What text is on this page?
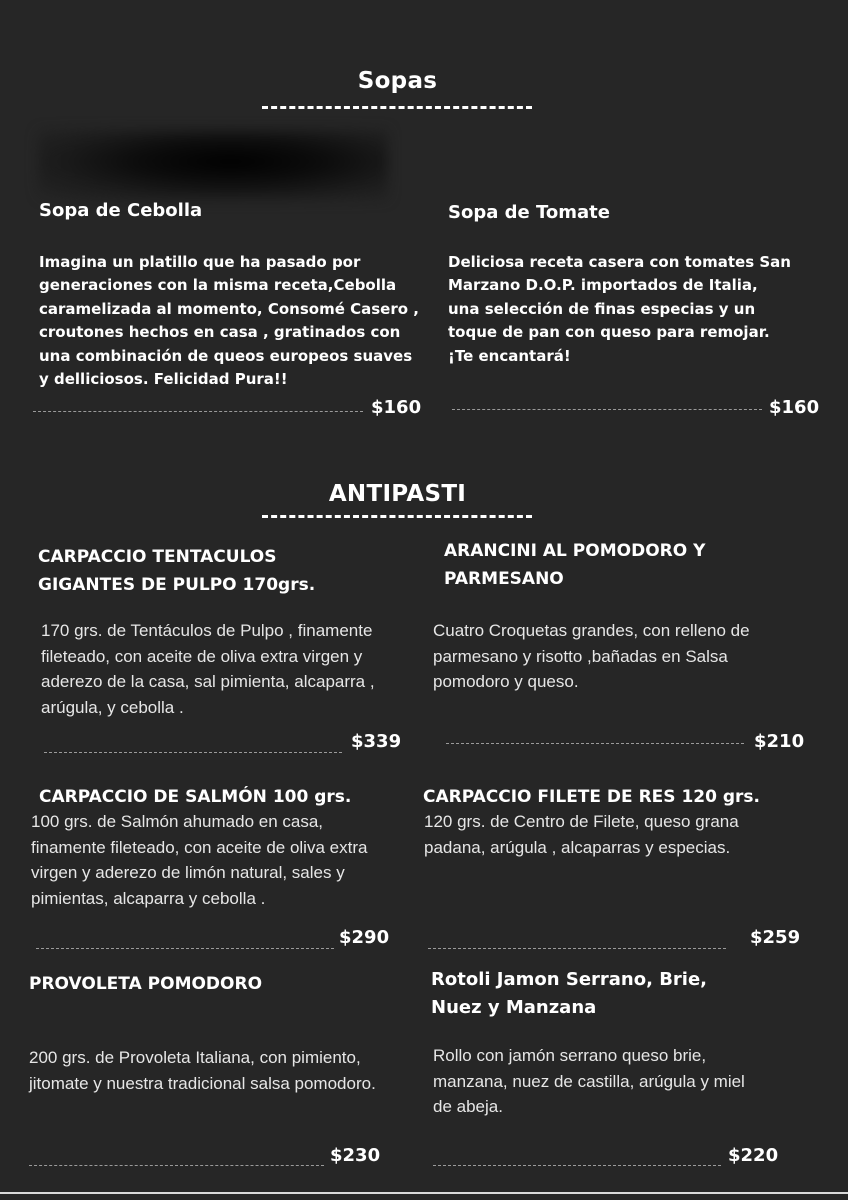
Sopas
Sopa de Cebolla
Imagina un platillo que ha pasado por generaciones con la misma receta,Cebolla caramelizada al momento, Consomé Casero , croutones hechos en casa , gratinados con una combinación de queos europeos suaves y delliciosos. Felicidad Pura!!
$160
Sopa de Tomate
Deliciosa receta casera con tomates San Marzano D.O.P. importados de Italia, una selección de finas especias y un toque de pan con queso para remojar. ¡Te encantará!
$160
ANTIPASTI
CARPACCIO TENTACULOS GIGANTES DE PULPO 170grs.
170 grs. de Tentáculos de Pulpo , finamente fileteado, con aceite de oliva extra virgen y aderezo de la casa, sal pimienta, alcaparra , arúgula, y cebolla .
$339
ARANCINI AL POMODORO Y PARMESANO
Cuatro Croquetas grandes, con relleno de parmesano y risotto ,bañadas en Salsa pomodoro y queso.
$210
CARPACCIO DE SALMÓN 100 grs.
100 grs. de Salmón ahumado en casa, finamente fileteado, con aceite de oliva extra virgen y aderezo de limón natural, sales y pimientas, alcaparra y cebolla .
$290
CARPACCIO FILETE DE RES 120 grs.
120 grs. de Centro de Filete, queso grana padana, arúgula , alcaparras y especias.
$259
PROVOLETA POMODORO
200 grs. de Provoleta Italiana, con pimiento, jitomate y nuestra tradicional salsa pomodoro.
$230
Rotoli Jamon Serrano, Brie, Nuez y Manzana
Rollo con jamón serrano queso brie, manzana, nuez de castilla, arúgula y miel de abeja.
$220
